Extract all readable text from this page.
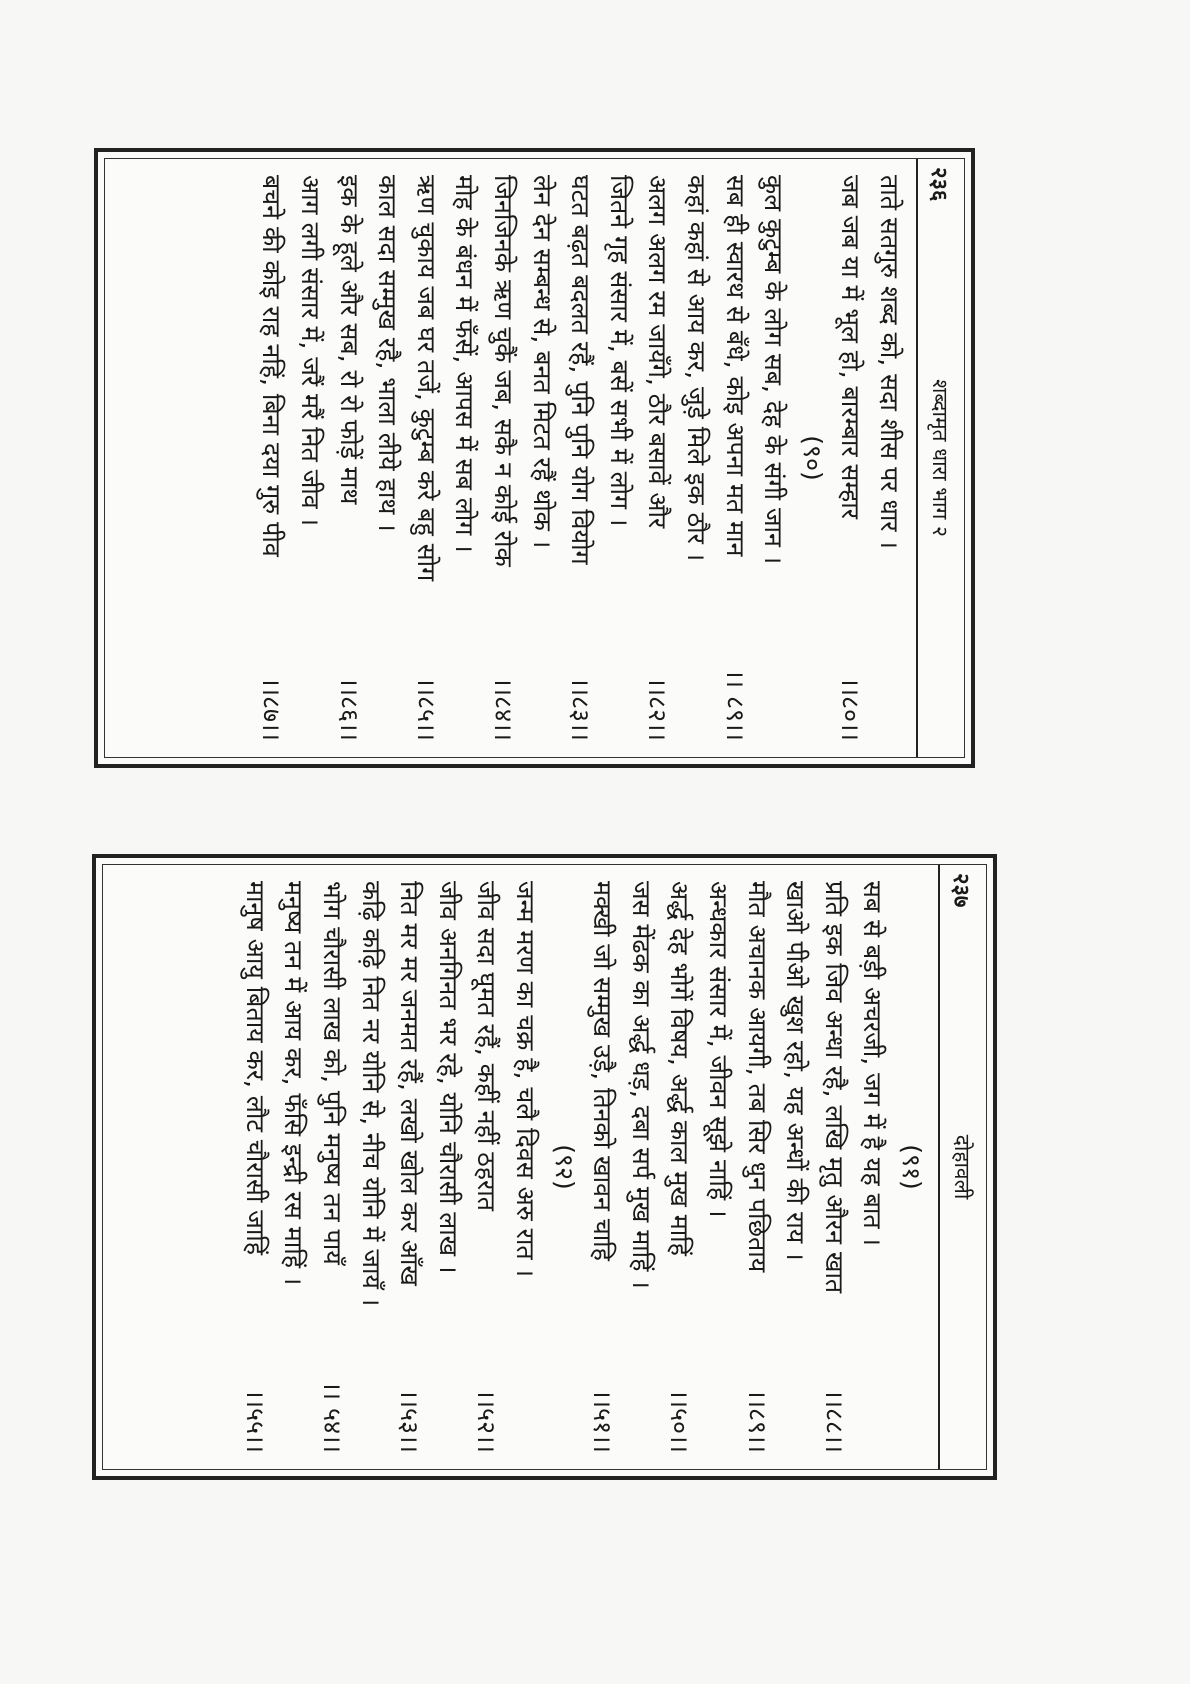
२३६
शब्दामृत धारा भाग २
ताते सतगुरु शब्द को, सदा शीस पर धार ।
जब जब या में भूल हो, बारम्बार सम्हार
।।८०।।
(९०)
कुल कुटुम्ब के लोग सब, देह के संगी जान ।
सब ही स्वारथ से बँधे, कोइ अपना मत मान
।। ८९।।
कहां कहां से आय कर, जुड़े मिले इक ठौर ।
अलग अलग रम जायँगे, ठौर बसावें और
।।८२।।
जितने गृह संसार में, बसें सभी में लोग ।
घटत बढ़त बदलत रहैं, पुनि पुनि योग वियोग
।।८३।।
लेन देन सम्बन्ध से, बनत मिटत रहैं थोक ।
जिनजिनके ऋण चुकैं जब, सकै न कोई रोक
।।८४।।
मोह के बंधन में फँसें, आपस में सब लोग ।
ऋण चुकाय जब घर तजें, कुटुम्ब करे बहु सोग
।।८५।।
काल सदा सम्मुख रहै, भाला लीये हाथ ।
इक के हूले और सब, रो रो फोड़ें माथ
।।८६।।
आग लगी संसार में, जरैं मरैं नित जीव ।
बचने की कोइ राह नहिं, बिना दया गुरु पीव
।।८७।।
२३७
दोहावली
(९१)
सब से बड़ी अचरजी, जग में है यह बात ।
प्रति इक जिव अन्धा रहै, लखि मृतु औरन खात
।।८८।।
खाओ पीओ खुश रहो, यह अन्धों की राय ।
मौत अचानक आयगी, तब सिर धुन पछिताय
।।८९।।
अन्धकार संसार में, जीवन सूझे नाहिं ।
अर्द्ध देह भोगें विषय, अर्द्ध काल मुख माहिं
।।५०।।
जस मेंढक का अर्द्ध धड़, दबा सर्प मुख माहिं ।
मक्खी जो सम्मुख उड़ै, तिनको खावन चाहि
।।५१।।
(९२)
जन्म मरण का चक्र है, चलै दिवस अरु रात ।
जीव सदा घूमत रहैं, कहीं नहीं ठहरात
।।५२।।
जीव अनगिनत भर रहे, योनि चौरासी लाख ।
नित मर मर जनमत रहैं, लखो खोल कर आँख
।।५३।।
कढ़ि कढ़ि नित नर योनि से, नीच योनि में जायँ ।
भोग चौरासी लाख को, पुनि मनुष्य तन पायँ
।। ५४।।
मनुष्य तन में आय कर, फँसि इन्द्री रस माहिं ।
मानुष आयु बिताय कर, लौट चौरासी जाहिं
।।५५।।
